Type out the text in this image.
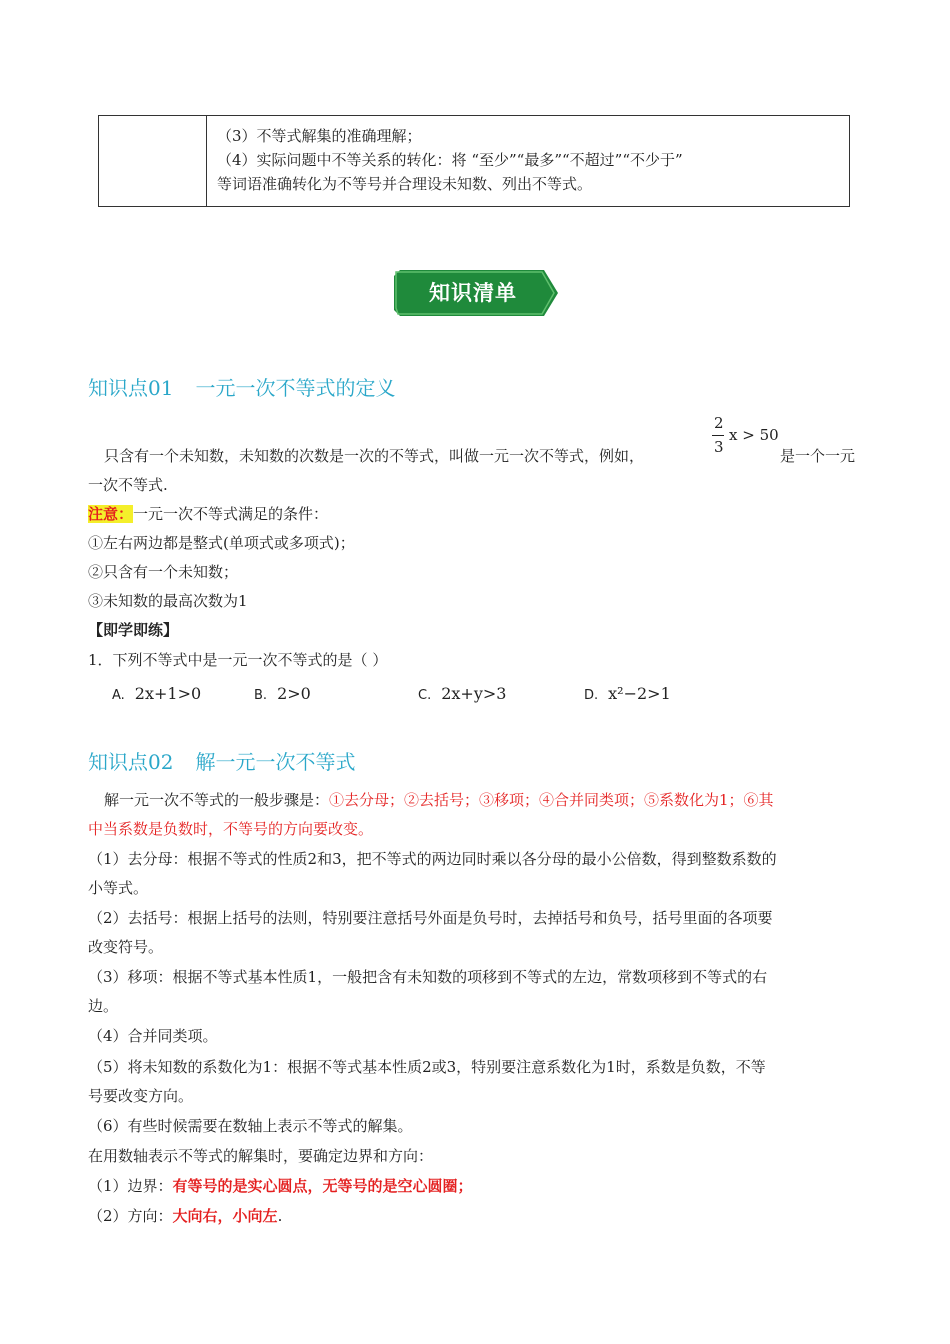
（3）不等式解集的准确理解；
（4）实际问题中不等关系的转化：将 “至少”“最多”“不超过”“不少于”
等词语准确转化为不等号并合理设未知数、列出不等式。
知识清单
知识点01 一元一次不等式的定义
只含有一个未知数，未知数的次数是一次的不等式，叫做一元一次不等式，例如，
2
3
x > 50
是一个一元
一次不等式.
注意：一元一次不等式满足的条件：
①左右两边都是整式(单项式或多项式)；
②只含有一个未知数；
③未知数的最高次数为1
【即学即练】
1．下列不等式中是一元一次不等式的是（ ）
A. 2x+1>0	B. 2>0	C. 2x+y>3	D. x²−2>1
知识点02 解一元一次不等式
解一元一次不等式的一般步骤是：①去分母；②去括号；③移项；④合并同类项；⑤系数化为1；⑥其
中当系数是负数时，不等号的方向要改变。
（1）去分母：根据不等式的性质2和3，把不等式的两边同时乘以各分母的最小公倍数，得到整数系数的
小等式。
（2）去括号：根据上括号的法则，特别要注意括号外面是负号时，去掉括号和负号，括号里面的各项要
改变符号。
（3）移项：根据不等式基本性质1，一般把含有未知数的项移到不等式的左边，常数项移到不等式的右
边。
（4）合并同类项。
（5）将未知数的系数化为1：根据不等式基本性质2或3，特别要注意系数化为1时，系数是负数，不等
号要改变方向。
（6）有些时候需要在数轴上表示不等式的解集。
在用数轴表示不等式的解集时，要确定边界和方向：
（1）边界：有等号的是实心圆点，无等号的是空心圆圈；
（2）方向：大向右，小向左.
